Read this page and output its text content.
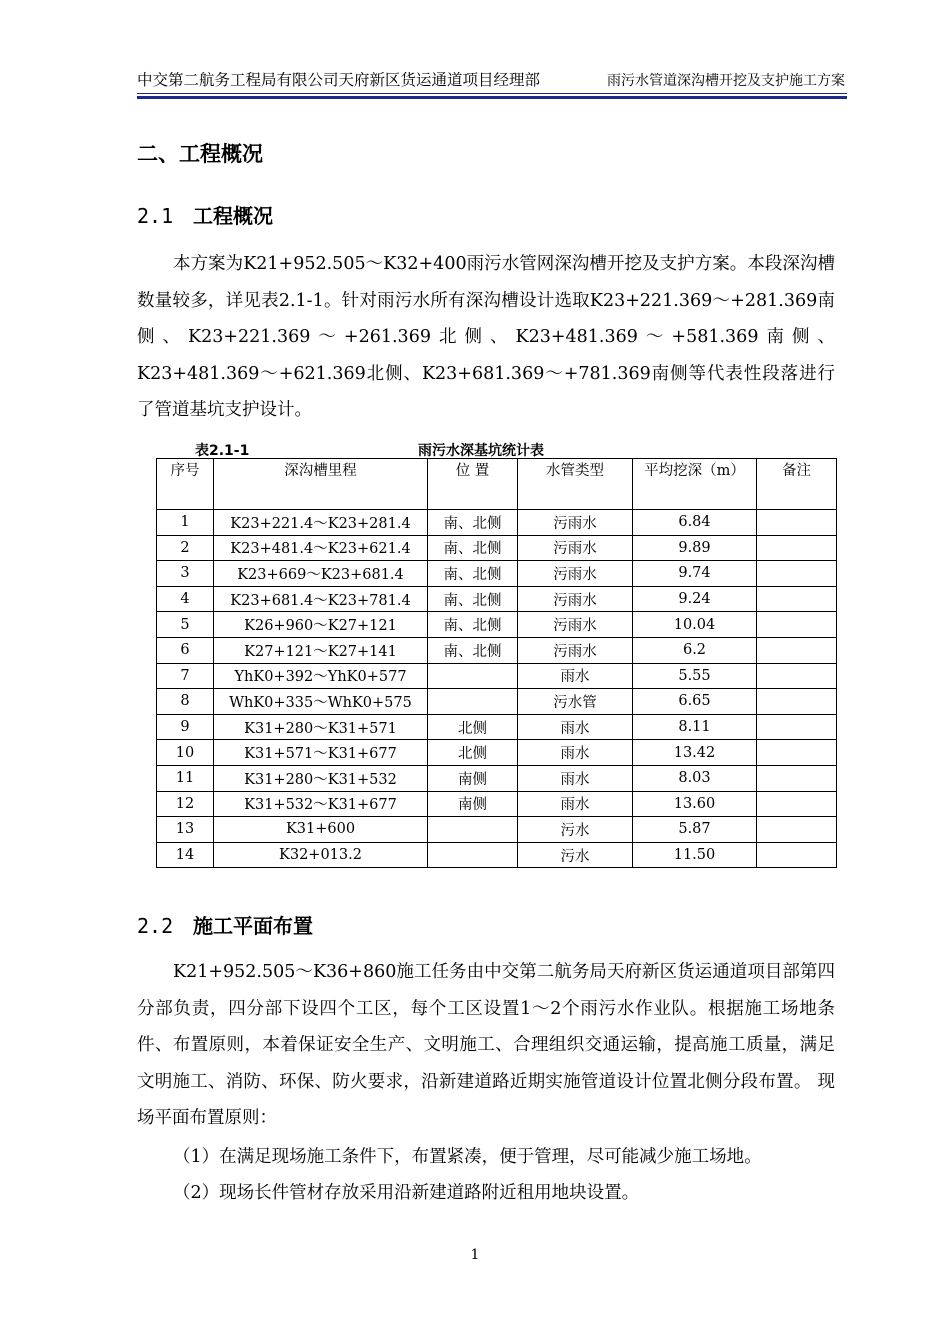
中交第二航务工程局有限公司天府新区货运通道项目经理部	雨污水管道深沟槽开挖及支护施工方案
二、工程概况
2.1 工程概况

本方案为K21+952.505〜K32+400雨污水管网深沟槽开挖及支护方案。本段深沟槽数量较多，详见表2.1-1。针对雨污水所有深沟槽设计选取K23+221.369～+281.369南侧、K23+221.369～+261.369北侧、K23+481.369～+581.369南侧、K23+481.369～+621.369北侧、K23+681.369～+781.369南侧等代表性段落进行了管道基坑支护设计。

表2.1-1	雨污水深基坑统计表
序号	深沟槽里程	位 置	水管类型	平均挖深（m）	备注
1	K23+221.4～K23+281.4	南、北侧	污雨水	6.84	
2	K23+481.4～K23+621.4	南、北侧	污雨水	9.89	
3	K23+669～K23+681.4	南、北侧	污雨水	9.74	
4	K23+681.4～K23+781.4	南、北侧	污雨水	9.24	
5	K26+960～K27+121	南、北侧	污雨水	10.04	
6	K27+121～K27+141	南、北侧	污雨水	6.2	
7	YhK0+392～YhK0+577		雨水	5.55	
8	WhK0+335～WhK0+575		污水管	6.65	
9	K31+280～K31+571	北侧	雨水	8.11	
10	K31+571～K31+677	北侧	雨水	13.42	
11	K31+280～K31+532	南侧	雨水	8.03	
12	K31+532～K31+677	南侧	雨水	13.60	
13	K31+600		污水	5.87	
14	K32+013.2		污水	11.50	
2.2 施工平面布置

K21+952.505～K36+860施工任务由中交第二航务局天府新区货运通道项目部第四分部负责，四分部下设四个工区，每个工区设置1～2个雨污水作业队。根据施工场地条件、布置原则，本着保证安全生产、文明施工、合理组织交通运输，提高施工质量，满足文明施工、消防、环保、防火要求，沿新建道路近期实施管道设计位置北侧分段布置。 现场平面布置原则：

（1）在满足现场施工条件下，布置紧凑，便于管理，尽可能减少施工场地。

（2）现场长件管材存放采用沿新建道路附近租用地块设置。

1
